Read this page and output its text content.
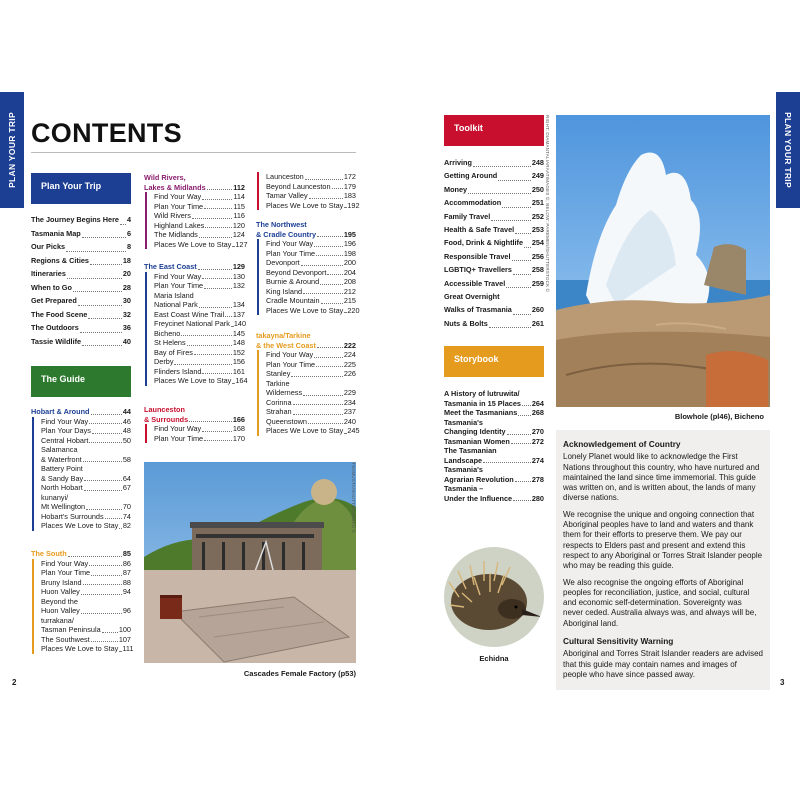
PLAN YOUR TRIP	PLAN YOUR TRIP
CONTENTS
Plan Your Trip
The Journey Begins Here 4
Tasmania Map	6
Our Picks	8
Regions & Cities	18
Itineraries	20
When to Go	28
Get Prepared	30
The Food Scene	32
The Outdoors	36
Tassie Wildlife	40
The Guide
Hobart & Around	44
Find Your Way	46
Plan Your Days	48
Central Hobart	50
Salamanca
& Waterfront	58
Battery Point
& Sandy Bay	64
North Hobart	67
kunanyi/
Mt Wellington	70
Hobart's Surrounds	74
Places We Love to Stay 82
The South	85
Find Your Way	86
Plan Your Time	87
Bruny Island	88
Huon Valley	94
Beyond the
Huon Valley	96
turrakana/
Tasman Peninsula 100
The Southwest	107
Places We Love to Stay 111
Wild Rivers,
Lakes & Midlands	112
Find Your Way	114
Plan Your Time	115
Wild Rivers	116
Highland Lakes	120
The Midlands	124
Places We Love to Stay 127
The East Coast	129
Find Your Way	130
Plan Your Time	132
Maria Island
National Park	134
East Coast Wine Trail 137
Freycinet National Park 140
Bicheno	145
St Helens	148
Bay of Fires	152
Derby	156
Flinders Island	161
Places We Love to Stay 164
Launceston
& Surrounds	166
Find Your Way	168
Plan Your Time	170
Launceston	172
Beyond Launceston 179
Tamar Valley	183
Places We Love to Stay 192
The Northwest
& Cradle Country	195
Find Your Way	196
Plan Your Time	198
Devonport	200
Beyond Devonport 204
Burnie & Around	208
King Island	212
Cradle Mountain	215
Places We Love to Stay 220
takayna/Tarkine
& the West Coast	222
Find Your Way	224
Plan Your Time	225
Stanley	226
Tarkine
Wilderness	229
Corinna	234
Strahan	237
Queenstown	240
Places We Love to Stay 245
TSAMUSTA/SHUTTERSTOCK ©
Cascades Female Factory (p53)
Toolkit
Arriving	248
Getting Around	249
Money	250
Accommodation	251
Family Travel	252
Health & Safe Travel 253
Food, Drink & Nightlife 254
Responsible Travel	256
LGBTIQ+ Travellers	258
Accessible Travel	259
Great Overnight
Walks of Trasmania	260
Nuts & Bolts	261
Storybook
A History of lutruwita/
Tasmania in 15 Places 264
Meet the Tasmanians 268
Tasmania's
Changing Identity	270
Tasmanian Women	272
The Tasmanian
Landscape	274
Tasmania's
Agrarian Revolution 278
Tasmania –
Under the Influence	280
Echidna
RIGHT: DIAMANTALIARAATIMAGES ©; BELOW: PAREMEN/SHUTTERSTOCK ©
Blowhole (pl46), Bicheno
Acknowledgement of Country

Lonely Planet would like to acknowledge the First Nations throughout this country, who have nurtured and maintained the land since time immemorial. This guide was written on, and is written about, the lands of many diverse nations.

We recognise the unique and ongoing connection that Aboriginal peoples have to land and waters and thank them for their efforts to preserve them. We pay our respects to Elders past and present and extend this respect to any Aboriginal or Torres Strait Islander people who may be reading this guide.

We also recognise the ongoing efforts of Aboriginal peoples for reconciliation, justice, and social, cultural and economic self-determination. Sovereignty was never ceded. Australia always was, and always will be, Aboriginal land.

Cultural Sensitivity Warning

Aboriginal and Torres Strait Islander readers are advised that this guide may contain names and images of people who have since passed away.

2	3
